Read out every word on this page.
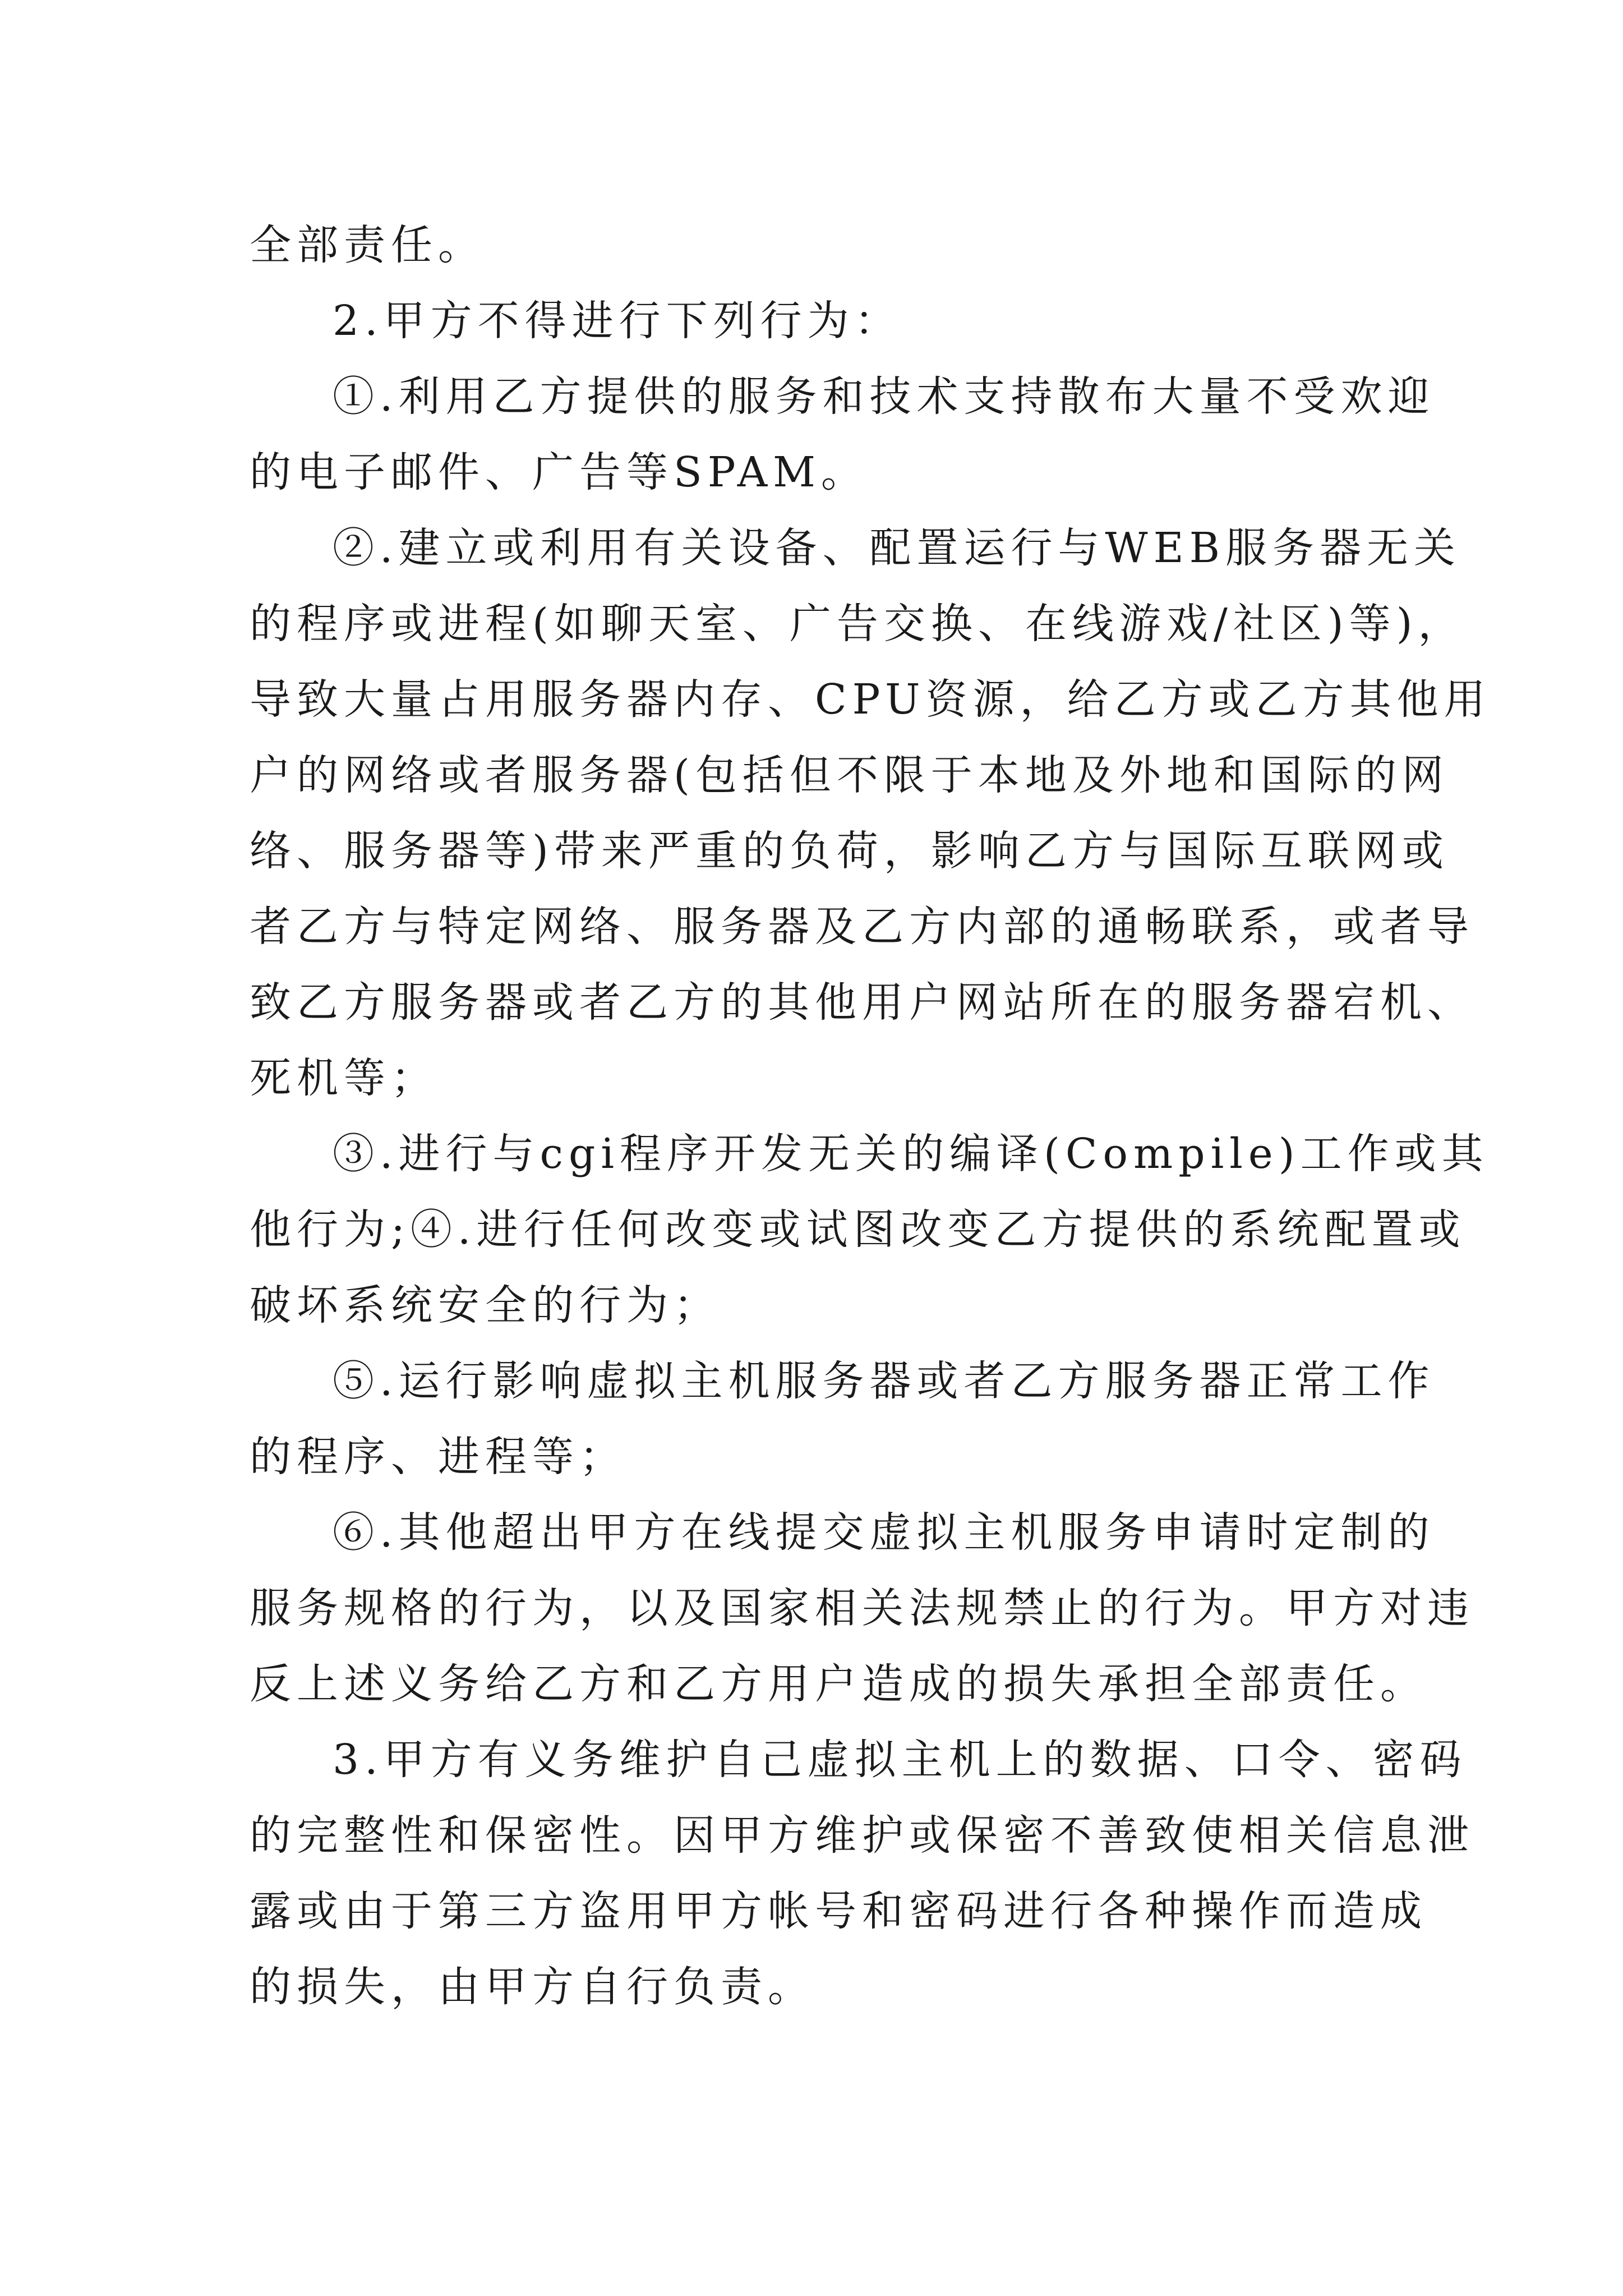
全部责任。
2.甲方不得进行下列行为：
①.利用乙方提供的服务和技术支持散布大量不受欢迎
的电子邮件、广告等SPAM。
②.建立或利用有关设备、配置运行与WEB服务器无关
的程序或进程(如聊天室、广告交换、在线游戏/社区)等)，
导致大量占用服务器内存、CPU资源，给乙方或乙方其他用
户的网络或者服务器(包括但不限于本地及外地和国际的网
络、服务器等)带来严重的负荷，影响乙方与国际互联网或
者乙方与特定网络、服务器及乙方内部的通畅联系，或者导
致乙方服务器或者乙方的其他用户网站所在的服务器宕机、
死机等；
③.进行与cgi程序开发无关的编译(Compile)工作或其
他行为;④.进行任何改变或试图改变乙方提供的系统配置或
破坏系统安全的行为；
⑤.运行影响虚拟主机服务器或者乙方服务器正常工作
的程序、进程等；
⑥.其他超出甲方在线提交虚拟主机服务申请时定制的
服务规格的行为，以及国家相关法规禁止的行为。甲方对违
反上述义务给乙方和乙方用户造成的损失承担全部责任。
3.甲方有义务维护自己虚拟主机上的数据、口令、密码
的完整性和保密性。因甲方维护或保密不善致使相关信息泄
露或由于第三方盗用甲方帐号和密码进行各种操作而造成
的损失，由甲方自行负责。
